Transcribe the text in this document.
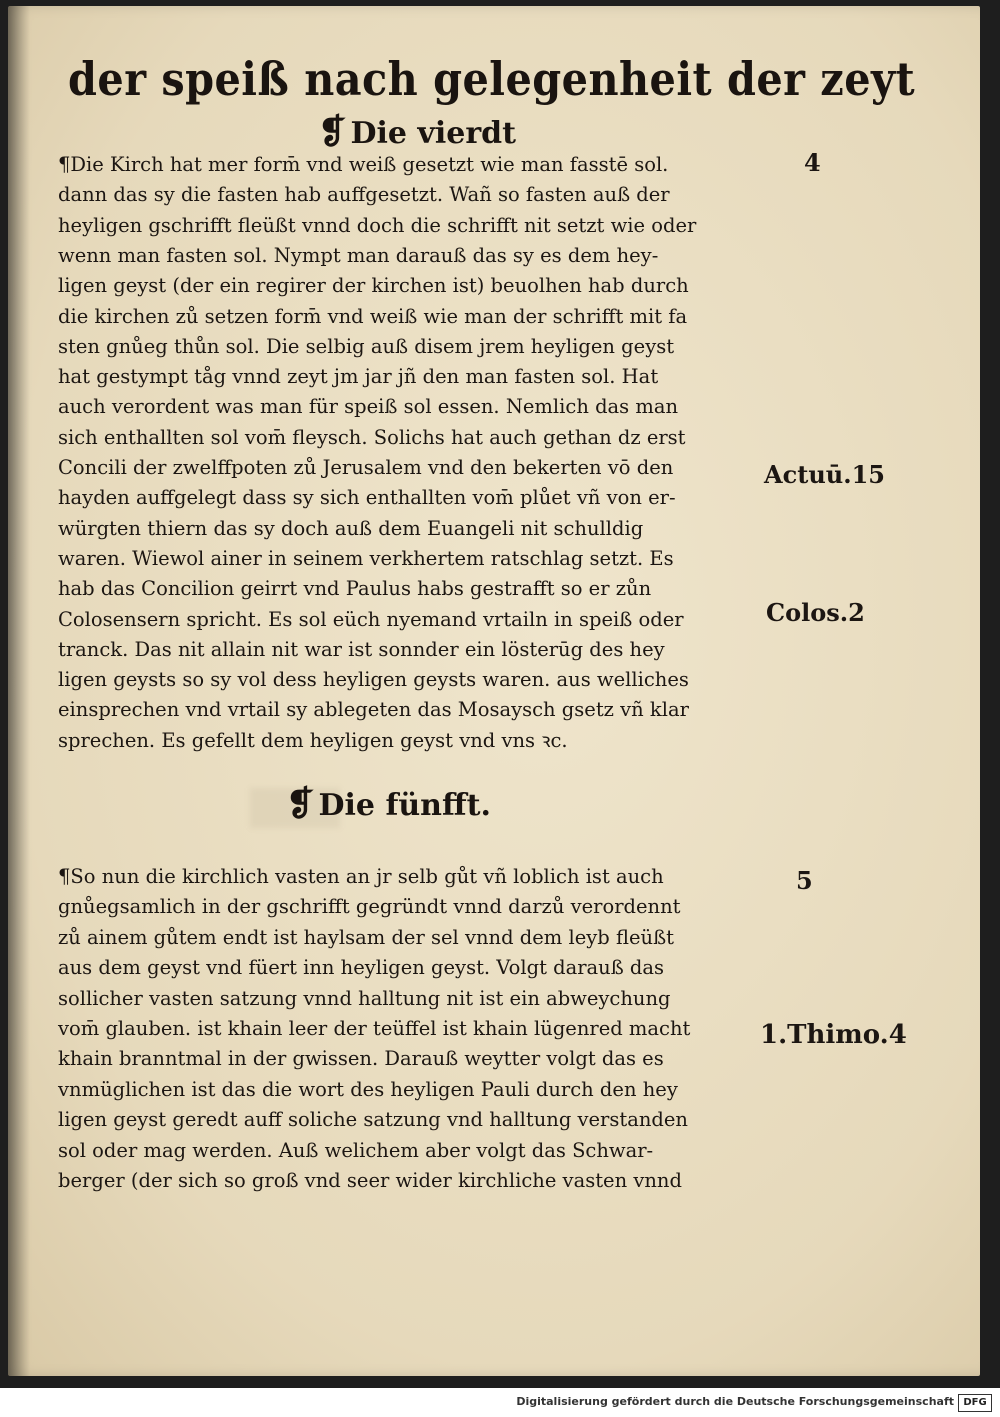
der speiß nach gelegenheit der zeyt
❡ Die vierdt
¶Die Kirch hat mer form̄ vnd weiß gesetzt wie man fasstē sol.
dann das sy die fasten hab auffgesetzt. Wañ so fasten auß der
heyligen gschrifft fleüßt vnnd doch die schrifft nit setzt wie oder
wenn man fasten sol. Nympt man darauß das sy es dem hey-
ligen geyst (der ein regirer der kirchen ist) beuolhen hab durch
die kirchen zů setzen form̄ vnd weiß wie man der schrifft mit fa
sten gnůeg thůn sol. Die selbig auß disem jrem heyligen geyst
hat gestympt tåg vnnd zeyt jm jar jñ den man fasten sol. Hat
auch verordent was man für speiß sol essen. Nemlich das man
sich enthallten sol vom̄ fleysch. Solichs hat auch gethan dz erst
Concili der zwelffpoten zů Jerusalem vnd den bekerten vō den
hayden auffgelegt dass sy sich enthallten vom̄ plůet vñ von er-
würgten thiern das sy doch auß dem Euangeli nit schulldig
waren. Wiewol ainer in seinem verkhertem ratschlag setzt. Es
hab das Concilion geirrt vnd Paulus habs gestrafft so er zůn
Colosensern spricht. Es sol eüch nyemand vrtailn in speiß oder
tranck. Das nit allain nit war ist sonnder ein lösterūg des hey
ligen geysts so sy vol dess heyligen geysts waren. aus welliches
einsprechen vnd vrtail sy ablegeten das Mosaysch gsetz vñ klar
sprechen. Es gefellt dem heyligen geyst vnd vns ꝛc.
❡ Die fünfft.
¶So nun die kirchlich vasten an jr selb gůt vñ loblich ist auch
gnůegsamlich in der gschrifft gegründt vnnd darzů verordennt
zů ainem gůtem endt ist haylsam der sel vnnd dem leyb fleüßt
aus dem geyst vnd füert inn heyligen geyst. Volgt darauß das
sollicher vasten satzung vnnd halltung nit ist ein abweychung
vom̄ glauben. ist khain leer der teüffel ist khain lügenred macht
khain branntmal in der gwissen. Darauß weytter volgt das es
vnmüglichen ist das die wort des heyligen Pauli durch den hey
ligen geyst geredt auff soliche satzung vnd halltung verstanden
sol oder mag werden. Auß welichem aber volgt das Schwar-
berger (der sich so groß vnd seer wider kirchliche vasten vnnd
4
Actuū.15
Colos.2
5
1.Thimo.4
Digitalisierung gefördert durch die Deutsche Forschungsgemeinschaft DFG
